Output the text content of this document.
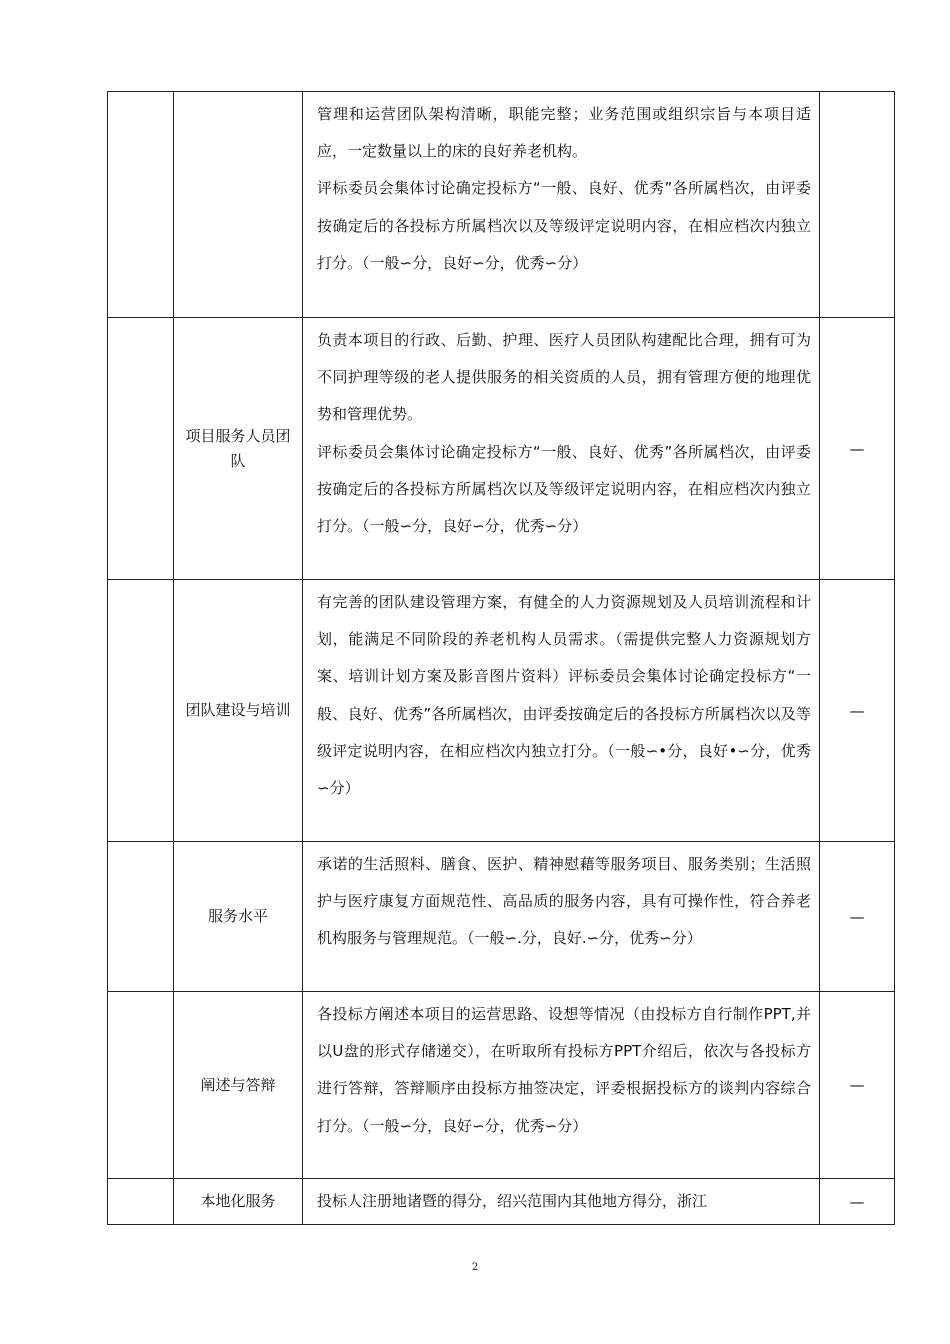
		管理和运营团队架构清晰，职能完整；业务范围或组织宗旨与本项目适应，一定数量以上的床的良好养老机构。
评标委员会集体讨论确定投标方“一般、良好、优秀”各所属档次，由评委按确定后的各投标方所属档次以及等级评定说明内容，在相应档次内独立打分。（一般∽分，良好∽分，优秀∽分）	

	项目服务人员团队	负责本项目的行政、后勤、护理、医疗人员团队构建配比合理，拥有可为不同护理等级的老人提供服务的相关资质的人员，拥有管理方便的地理优势和管理优势。
评标委员会集体讨论确定投标方“一般、良好、优秀”各所属档次，由评委按确定后的各投标方所属档次以及等级评定说明内容，在相应档次内独立打分。（一般∽分，良好∽分，优秀∽分）	—
	团队建设与培训	有完善的团队建设管理方案，有健全的人力资源规划及人员培训流程和计划，能满足不同阶段的养老机构人员需求。（需提供完整人力资源规划方案、培训计划方案及影音图片资料）评标委员会集体讨论确定投标方“一般、良好、优秀”各所属档次，由评委按确定后的各投标方所属档次以及等级评定说明内容，在相应档次内独立打分。（一般∽•分，良好•∽分，优秀∽分）	—
	服务水平	承诺的生活照料、膳食、医护、精神慰藉等服务项目、服务类别；生活照护与医疗康复方面规范性、高品质的服务内容，具有可操作性，符合养老机构服务与管理规范。（一般∽.分，良好.∽分，优秀∽分）	—
	阐述与答辩	各投标方阐述本项目的运营思路、设想等情况（由投标方自行制作PPT,并以U盘的形式存储递交），在听取所有投标方PPT介绍后，依次与各投标方进行答辩，答辩顺序由投标方抽签决定，评委根据投标方的谈判内容综合打分。（一般∽分，良好∽分，优秀∽分）	—
	本地化服务	投标人注册地诸暨的得分，绍兴范围内其他地方得分，浙江	—
2
